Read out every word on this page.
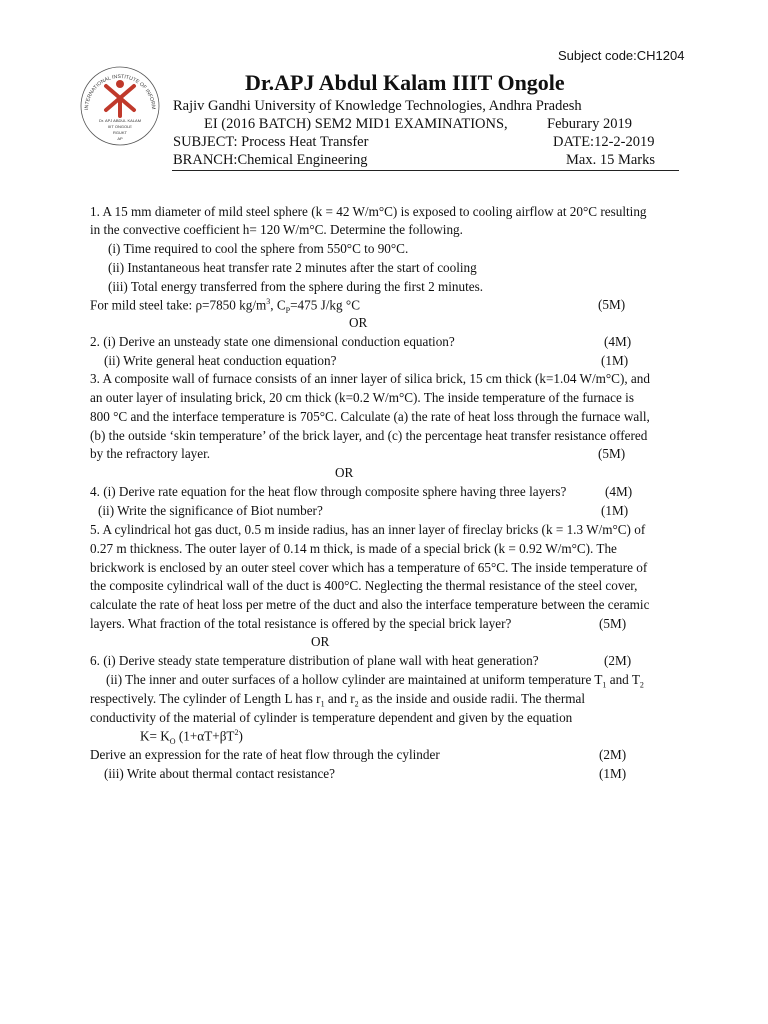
Subject code:CH1204
INTERNATIONAL INSTITUTE OF INFORM
Dr. APJ ABDUL KALAM
IIIT ONGOLE
RGUKT
AP
Dr.APJ Abdul Kalam IIIT Ongole
Rajiv Gandhi University of Knowledge Technologies, Andhra Pradesh
EI (2016 BATCH) SEM2 MID1 EXAMINATIONS,	Feburary 2019
SUBJECT: Process Heat Transfer	DATE:12-2-2019
BRANCH:Chemical Engineering	Max. 15 Marks
1. A 15 mm diameter of mild steel sphere (k = 42 W/m°C) is exposed to cooling airflow at 20°C resulting
in the convective coefficient h= 120 W/m°C. Determine the following.
(i) Time required to cool the sphere from 550°C to 90°C.
(ii) Instantaneous heat transfer rate 2 minutes after the start of cooling
(iii) Total energy transferred from the sphere during the first 2 minutes.
For mild steel take: ρ=7850 $kg/m^3$, $C_P=475$ J/kg °C	(5M)
OR
2. (i) Derive an unsteady state one dimensional conduction equation?	(4M)
(ii) Write general heat conduction equation?	(1M)
3. A composite wall of furnace consists of an inner layer of silica brick, 15 cm thick (k=1.04 W/m°C), and
an outer layer of insulating brick, 20 cm thick (k=0.2 W/m°C). The inside temperature of the furnace is
800 °C and the interface temperature is 705°C. Calculate (a) the rate of heat loss through the furnace wall,
(b) the outside ‘skin temperature’ of the brick layer, and (c) the percentage heat transfer resistance offered
by the refractory layer.	(5M)
OR
4. (i) Derive rate equation for the heat flow through composite sphere having three layers?	(4M)
(ii) Write the significance of Biot number?	(1M)
5. A cylindrical hot gas duct, 0.5 m inside radius, has an inner layer of fireclay bricks (k = 1.3 W/m°C) of
0.27 m thickness. The outer layer of 0.14 m thick, is made of a special brick (k = 0.92 W/m°C). The
brickwork is enclosed by an outer steel cover which has a temperature of 65°C. The inside temperature of
the composite cylindrical wall of the duct is 400°C. Neglecting the thermal resistance of the steel cover,
calculate the rate of heat loss per metre of the duct and also the interface temperature between the ceramic
layers. What fraction of the total resistance is offered by the special brick layer?	(5M)
OR
6. (i) Derive steady state temperature distribution of plane wall with heat generation?	(2M)
(ii) The inner and outer surfaces of a hollow cylinder are maintained at uniform temperature $T_1$ and $T_2$
respectively. The cylinder of Length L has $r_1$ and $r_2$ as the inside and ouside radii. The thermal
conductivity of the material of cylinder is temperature dependent and given by the equation
$K= K_O$ $(1+\alpha T+\beta T^2)$
Derive an expression for the rate of heat flow through the cylinder	(2M)
(iii) Write about thermal contact resistance?	(1M)
